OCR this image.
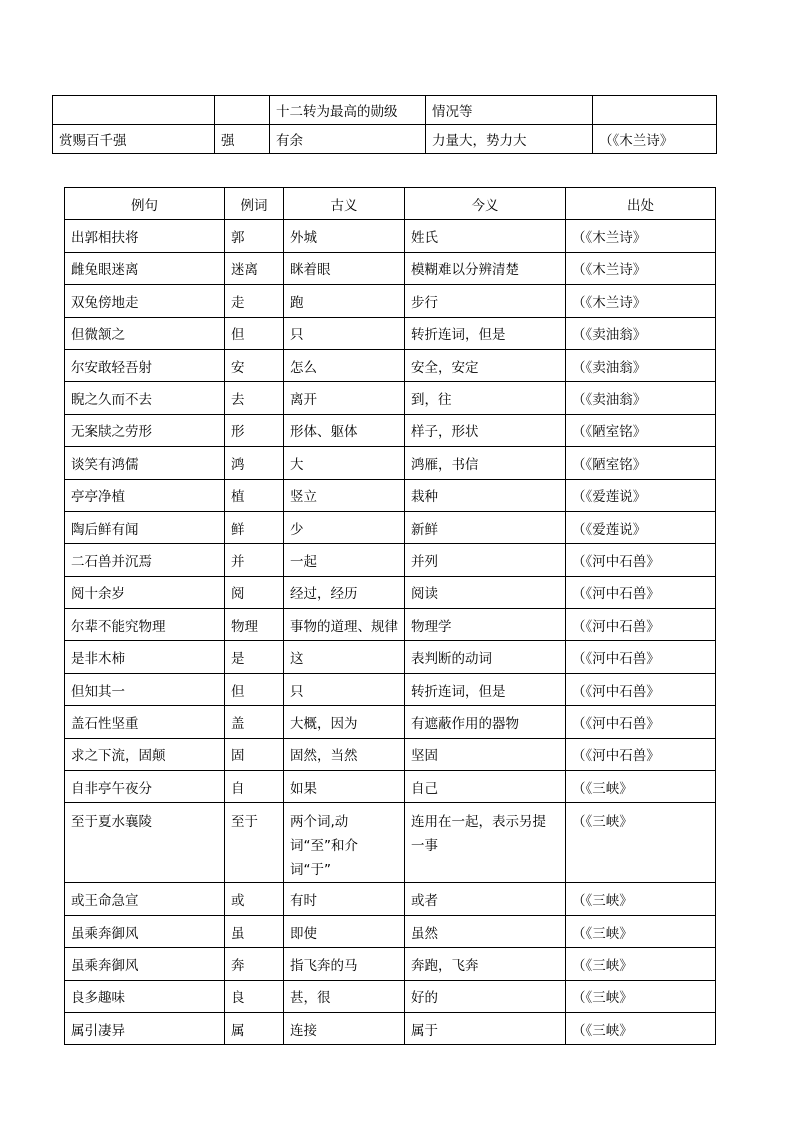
		十二转为最高的勋级	情况等	
赏赐百千强	强	有余	力量大，势力大	（《木兰诗》
例句	例词	古义	今义	出处
出郭相扶将	郭	外城	姓氏	（《木兰诗》
雌兔眼迷离	迷离	眯着眼	模糊难以分辨清楚	（《木兰诗》
双兔傍地走	走	跑	步行	（《木兰诗》
但微颔之	但	只	转折连词，但是	（《卖油翁》
尔安敢轻吾射	安	怎么	安全，安定	（《卖油翁》
睨之久而不去	去	离开	到，往	（《卖油翁》
无案牍之劳形	形	形体、躯体	样子，形状	（《陋室铭》
谈笑有鸿儒	鸿	大	鸿雁，书信	（《陋室铭》
亭亭净植	植	竖立	栽种	（《爱莲说》
陶后鲜有闻	鲜	少	新鲜	（《爱莲说》
二石兽并沉焉	并	一起	并列	（《河中石兽》
阅十余岁	阅	经过，经历	阅读	（《河中石兽》
尔辈不能究物理	物理	事物的道理、规律	物理学	（《河中石兽》
是非木柿	是	这	表判断的动词	（《河中石兽》
但知其一	但	只	转折连词，但是	（《河中石兽》
盖石性坚重	盖	大概，因为	有遮蔽作用的器物	（《河中石兽》
求之下流，固颠	固	固然，当然	坚固	（《河中石兽》
自非亭午夜分	自	如果	自己	（《三峡》
至于夏水襄陵	至于	两个词,动词“至”和介词“于”	连用在一起，表示另提一事	（《三峡》
或王命急宣	或	有时	或者	（《三峡》
虽乘奔御风	虽	即使	虽然	（《三峡》
虽乘奔御风	奔	指飞奔的马	奔跑，飞奔	（《三峡》
良多趣味	良	甚，很	好的	（《三峡》
属引凄异	属	连接	属于	（《三峡》
